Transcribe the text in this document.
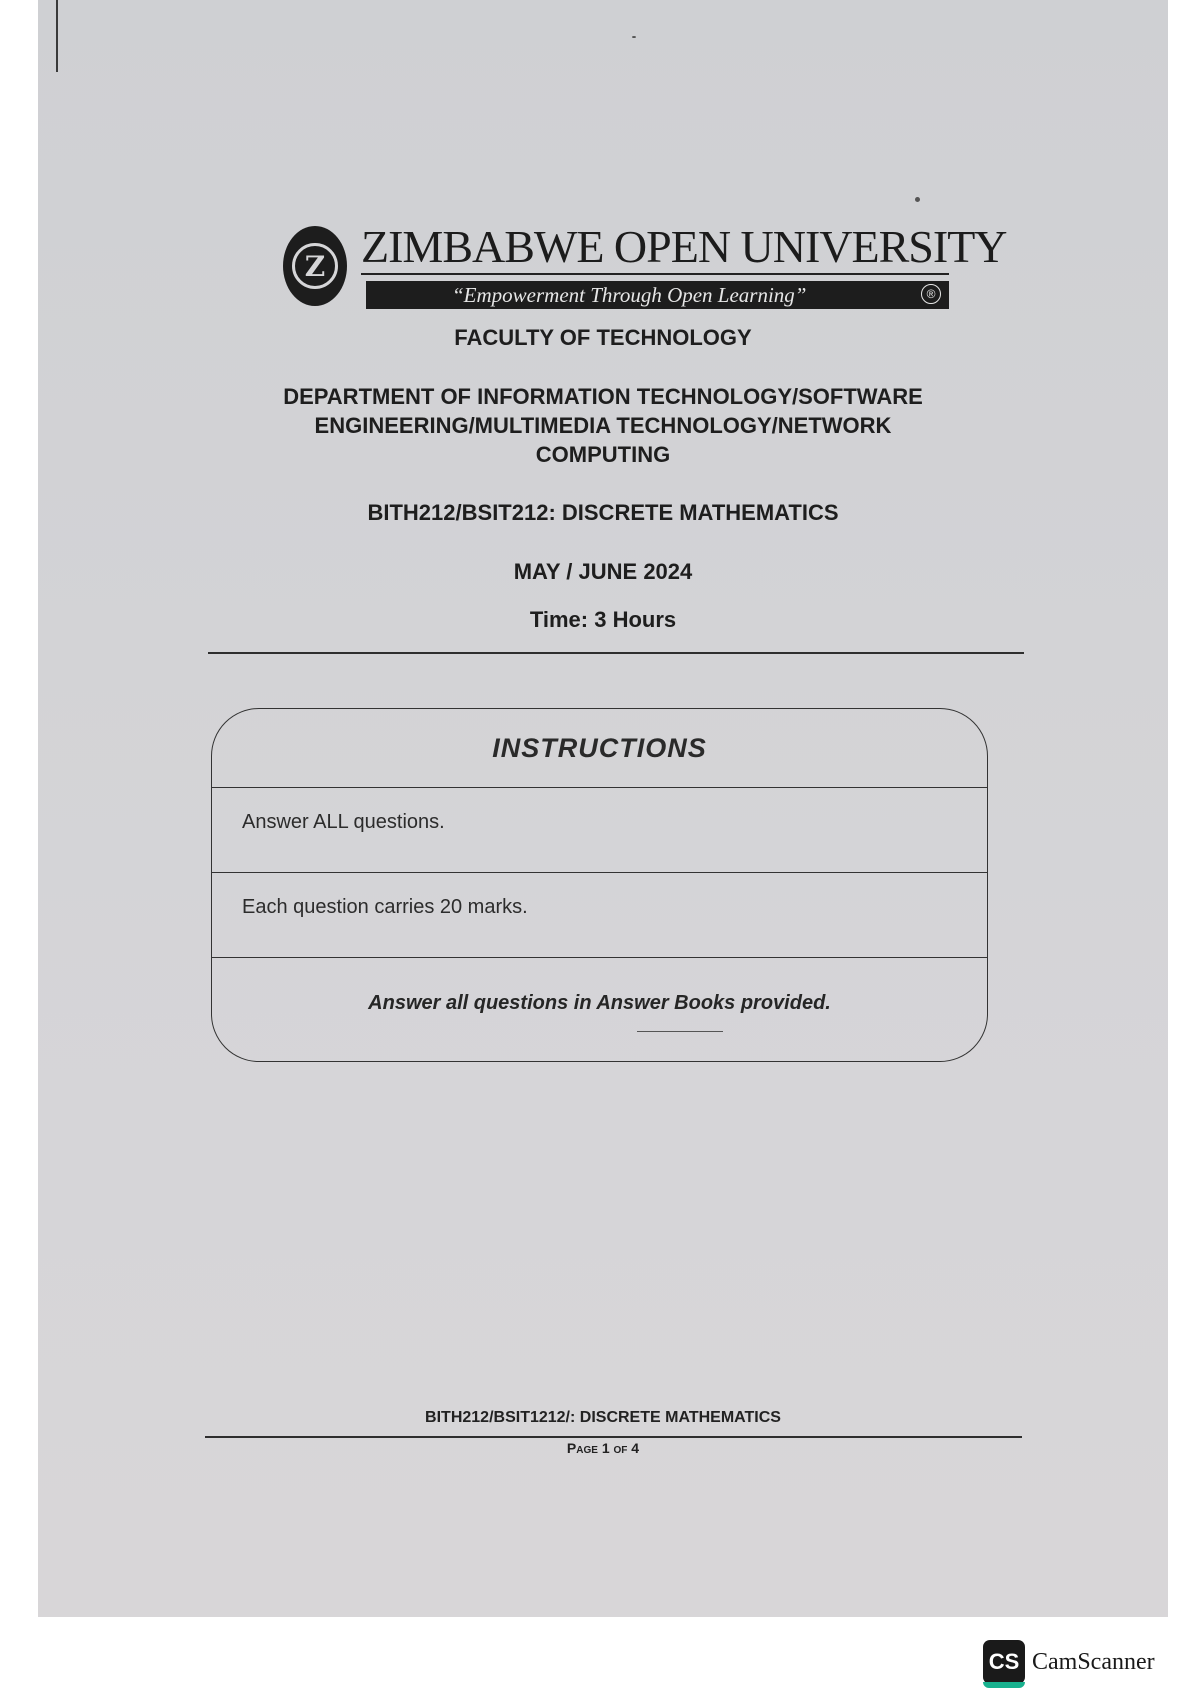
Z ZIMBABWE OPEN UNIVERSITY
“Empowerment Through Open Learning”	®
FACULTY OF TECHNOLOGY
DEPARTMENT OF INFORMATION TECHNOLOGY/SOFTWARE
ENGINEERING/MULTIMEDIA TECHNOLOGY/NETWORK
COMPUTING
BITH212/BSIT212: DISCRETE MATHEMATICS
MAY / JUNE 2024
Time: 3 Hours
INSTRUCTIONS
Answer ALL questions.
Each question carries 20 marks.
Answer all questions in Answer Books provided.
BITH212/BSIT1212/: DISCRETE MATHEMATICS
Page 1 of 4
CS CamScanner
